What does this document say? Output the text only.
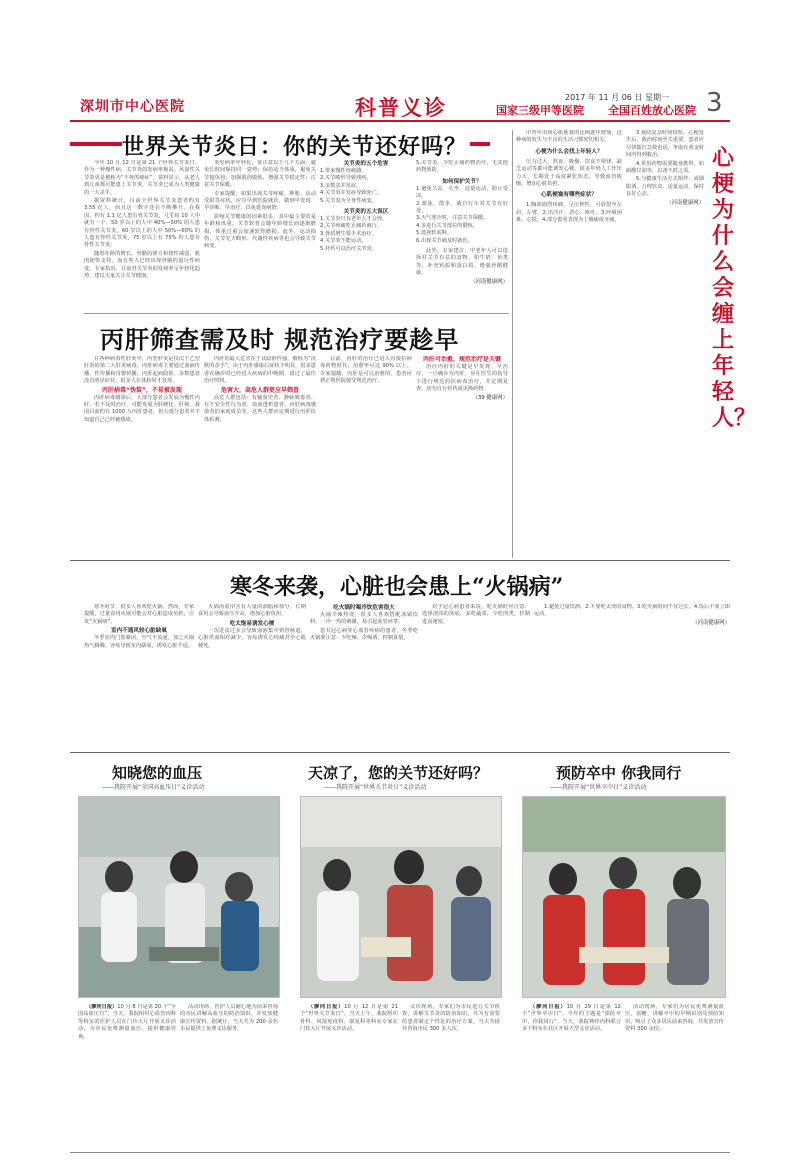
深圳市中心医院	科普义诊	2017 年 11 月 06 日 星期一
国家三级甲等医院 全国百姓放心医院 3
世界关节炎日：你的关节还好吗？

今年 10 月 12 日是第 21 个世界关节炎日，作为一种慢性病，关节炎的发病率极高。风湿性关节炎更是被称为“不死的癌症”。资料显示，从老人到儿童都可能患上关节炎，关节炎已成为人类健康的一大杀手。

据资料统计，目前全世界关节炎患者约有 3.55 亿人，而且这一数字还在不断攀升。在我国，约有 1.1 亿人患有骨关节炎，几乎每 10 人中就有一个。50 岁以上的人中 40%—50% 的人患有骨性关节炎，60 岁以上的人中 50%—60% 的人患有骨性关节炎，75 岁以上有 75% 的人患有骨性关节炎。

随着年龄的增长，骨骼的弹力和韧性减弱，肌肉韧带支持，而有些人已经出现骨骼的退行性病变。专家指出，目前骨关节炎的发病率呈年轻化趋势，建议大家关注关节健康。

炎发病率年轻化，要注意以下几个方面：避免长时间保持同一姿势；保持适当体重，避免关节超负荷；加强肌肉锻炼，增强关节稳定性；注意关节保暖。

专家提醒，如果出现关节疼痛、肿胀、活动受限等症状，应尽早到医院就诊，做到早发现、早诊断、早治疗，以免延误病情。

影响关节健康的因素很多，其中最主要的是年龄和体重。关节软骨会随年龄增长而逐渐磨损，体重过重会加速软骨磨损。此外，运动损伤、关节先天畸形、代谢性疾病等也会导致关节病变。

关节炎的五个危害
1.带来慢性疼痛感。
2.关节畸形导致残疾。
3.多数其并发症。
4.关节炎并发症导致死亡。
5.关节炎为全身性病变。
关节炎的五大误区
1.关节炎只有老年人才会得。
2.关节疼痛吃止痛药就行。
3.骨质增生要手术治疗。
4.关节炎不能运动。
5.补钙可以治疗关节炎。
5.关节炎、少吃止痛药物治疗，无其他药物预防。
如何保护关节？
1.避免久站、久坐，适量运动，防止受凉。
2.游泳、散步、骑自行车对关节有好处。
3.天气寒冷时，注意关节保暖。
4.多进行关节部位的锻炼。
5.选择软底鞋。
6.出现关节痛及时就医。

此外，专家建议，中老年人可以选择对关节有益的食物，如牛奶、鱼类等，补充钙质和蛋白质，增强骨骼健康。

（河南健康网）
丙肝筛查需及时 规范治疗要趁早

在各种病毒性肝炎中，丙型肝炎是仅次于乙型肝炎的第二大肝炎病毒。丙肝病毒主要通过血液传播、性传播和母婴传播。丙肝起病隐匿，多数患者没有明显症状，很多人在体检时才发现。

丙肝病毒“伪装”，不易被发现

丙肝病毒感染后，大部分患者会发展为慢性丙肝，若不及时治疗，可能发展为肝硬化、肝癌。我国目前约有 1000 万丙肝患者，但大部分患者并不知道自己已经被感染。

丙肝的最大危害在于其隐匿性强，被称为“沉默的杀手”。由于丙肝感染后症状不明显，很多患者在确诊时已经进入疾病的中晚期，错过了最佳治疗时机。

危害大，高危人群更应早筛查

高危人群包括：有输血史者、静脉吸毒者、有不安全性行为者、血液透析患者、丙肝病毒感染者的家庭成员等。这些人群应定期进行丙肝抗体检测。

目前，丙肝的治疗已进入直接抗病毒药物时代，治愈率可达 90% 以上。专家提醒，丙肝是可以治愈的，患者应到正规医院接受规范治疗。

丙肝可治愈，规范治疗是关键

治疗丙肝的关键是早发现、早治疗。一旦确诊为丙肝，应在医生的指导下进行规范的抗病毒治疗，并定期复查，切勿自行停药或更换药物。

（39 健康网）

中青年出现心肌梗塞的比例逐年增加，这种病的发生与不良的生活习惯密切相关。

心梗为什么会找上年轻人？

压力过大、熬夜、吸烟、饮食不规律、缺乏运动等都可能诱发心梗。很多年轻人工作压力大，长期处于高度紧张状态，导致血管收缩，增加心脏负担。

心肌梗塞有哪些症状？

1.胸部剧烈疼痛，呈压榨性，可放射至左肩、左臂。2.出冷汗、恶心、呕吐。3.呼吸困难、心慌。4.部分患者表现为上腹痛或牙痛。

3.预防复杂时间较短。心梗发生后，救治时间至关重要，患者应尽快拨打急救电话，争取在黄金时间内得到救治。

4.常用药物需要随身携带，如硝酸甘油等，以备不时之需。

5.与健康生活方式相伴：戒烟限酒、合理饮食、适量运动、保持良好心态。

（河南健康网）
心梗为什么会缠上年轻人？
寒冬来袭，心脏也会患上“火锅病”

寒冬时节，很多人喜欢吃火锅。然而，专家提醒，过量食用火锅可能会对心脏造成负担，引发“火锅病”。

室内不通风较心脏缺氧

冬季室内门窗紧闭，空气不流通，加之火锅热气腾腾，容易导致室内缺氧，诱发心脏不适。

火锅汤底中含有大量的油脂和盐分，长期食用会导致血压升高，增加心脏负担。

吃太饱易诱发心梗

一次进食过多会导致血液集中到胃肠道，心脏供血相对减少，容易诱发心绞痛甚至心肌梗死。

吃火锅时喝冷饮危害很大

火锅辛辣热烫，很多人喜欢搭配冰镇饮料，一冷一热的刺激，易引起血管痉挛。

患有冠心病等心血管疾病的患者，冬季吃火锅要注意：少吃辣、少喝酒、控制食量。

对于冠心病患者来说，吃火锅时应注意：选择清淡的汤底，多吃蔬菜，少吃肉类，控制进食速度。

1.避免过量饮酒。2.不要吃太烫的食物。3.吃火锅时间不宜过长。4.饭后不要立即运动。

（河南健康网）
知晓您的血压
——我院开展“全国高血压日”义诊活动

（廖同日报）10 月 8 日是第 20 个“全国高血压日”，当天，我院组织心血管内科等科室的医护人员在门诊大厅开展义诊活动，为市民免费测量血压、提供健康咨询。

活动现场，医护人员耐心地为前来咨询的市民讲解高血压的防治知识，并发放健康宣传资料。据统计，当天共为 200 余名市民提供了免费义诊服务。

天凉了，您的关节还好吗？
——我院开展“世界关节炎日”义诊活动

（廖同日报）10 月 12 日是第 21 个“世界关节炎日”，当天上午，我院组织骨科、风湿免疫科、康复科等科室专家在门诊大厅开展义诊活动。

义诊现场，专家们为市民进行关节检查，讲解关节炎的防治知识，并为有需要的患者制定个性化的治疗方案。当天共接待咨询市民 300 多人次。

预防卒中 你我同行
——我院开展“世界卒中日”义诊活动

（廖同日报）10 月 29 日是第 12 个“世界卒中日”，今年的主题是“预防卒中，你我同行”。当天，我院神经内科联合多个科室在社区开展大型义诊活动。

活动现场，专家们为居民免费测量血压、血糖，讲解卒中的早期识别及预防知识，吸引了众多居民前来咨询。共发放宣传资料 300 余份。
